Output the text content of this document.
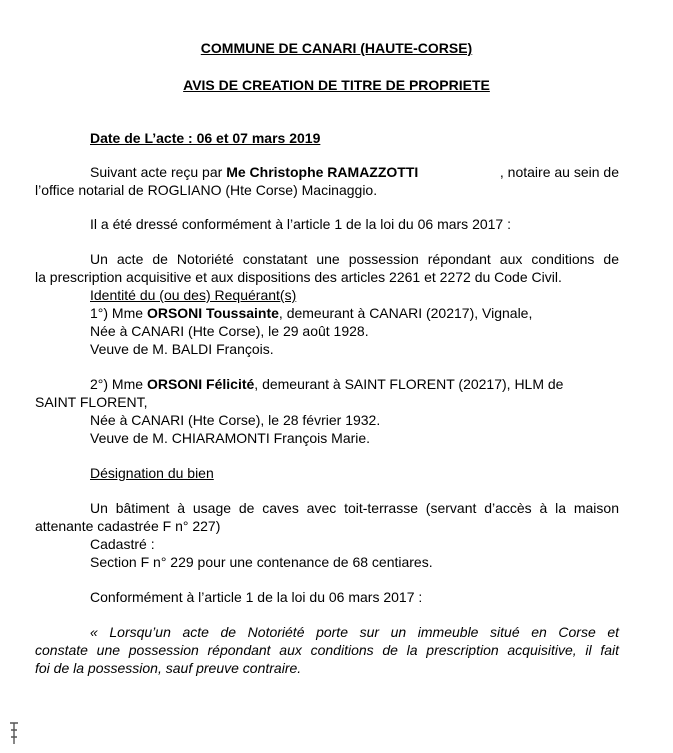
COMMUNE DE CANARI (HAUTE-CORSE)
AVIS DE CREATION DE TITRE DE PROPRIETE
Date de L’acte : 06 et 07 mars 2019
Suivant acte reçu par Me Christophe RAMAZZOTTI	, notaire au sein de
l’office notarial de ROGLIANO (Hte Corse) Macinaggio.
Il a été dressé conformément à l’article 1 de la loi du 06 mars 2017 :
Un acte de Notoriété constatant une possession répondant aux conditions de
la prescription acquisitive et aux dispositions des articles 2261 et 2272 du Code Civil.
Identité du (ou des) Requérant(s)
1°) Mme ORSONI Toussainte, demeurant à CANARI (20217), Vignale,
Née à CANARI (Hte Corse), le 29 août 1928.
Veuve de M. BALDI François.
2°) Mme ORSONI Félicité, demeurant à SAINT FLORENT (20217), HLM de
SAINT FLORENT,
Née à CANARI (Hte Corse), le 28 février 1932.
Veuve de M. CHIARAMONTI François Marie.
Désignation du bien
Un bâtiment à usage de caves avec toit-terrasse (servant d’accès à la maison
attenante cadastrée F n° 227)
Cadastré :
Section F n° 229 pour une contenance de 68 centiares.
Conformément à l’article 1 de la loi du 06 mars 2017 :
« Lorsqu’un acte de Notoriété porte sur un immeuble situé en Corse et
constate une possession répondant aux conditions de la prescription acquisitive, il fait
foi de la possession, sauf preuve contraire.
